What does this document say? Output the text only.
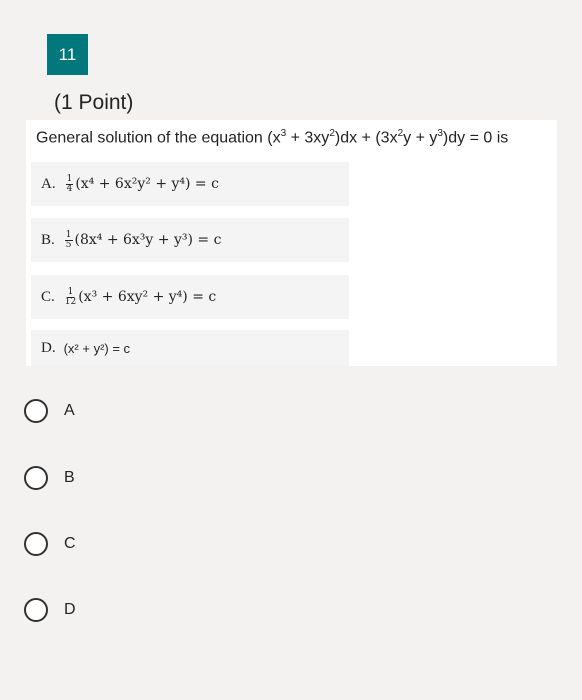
11
(1 Point)
General solution of the equation $(x^3 + 3xy^2)dx + (3x^2y + y^3)dy = 0$ is
A. $\frac{1}{4} (x^4 + 6x^2y^2 + y^4) = c$
B. $\frac{1}{5} (8x^4 + 6x^3y + y^3) = c$
C. $\frac{1}{12} (x^3 + 6xy^2 + y^4) = c$
D. (x² + y²) = c
A
B
C
D
